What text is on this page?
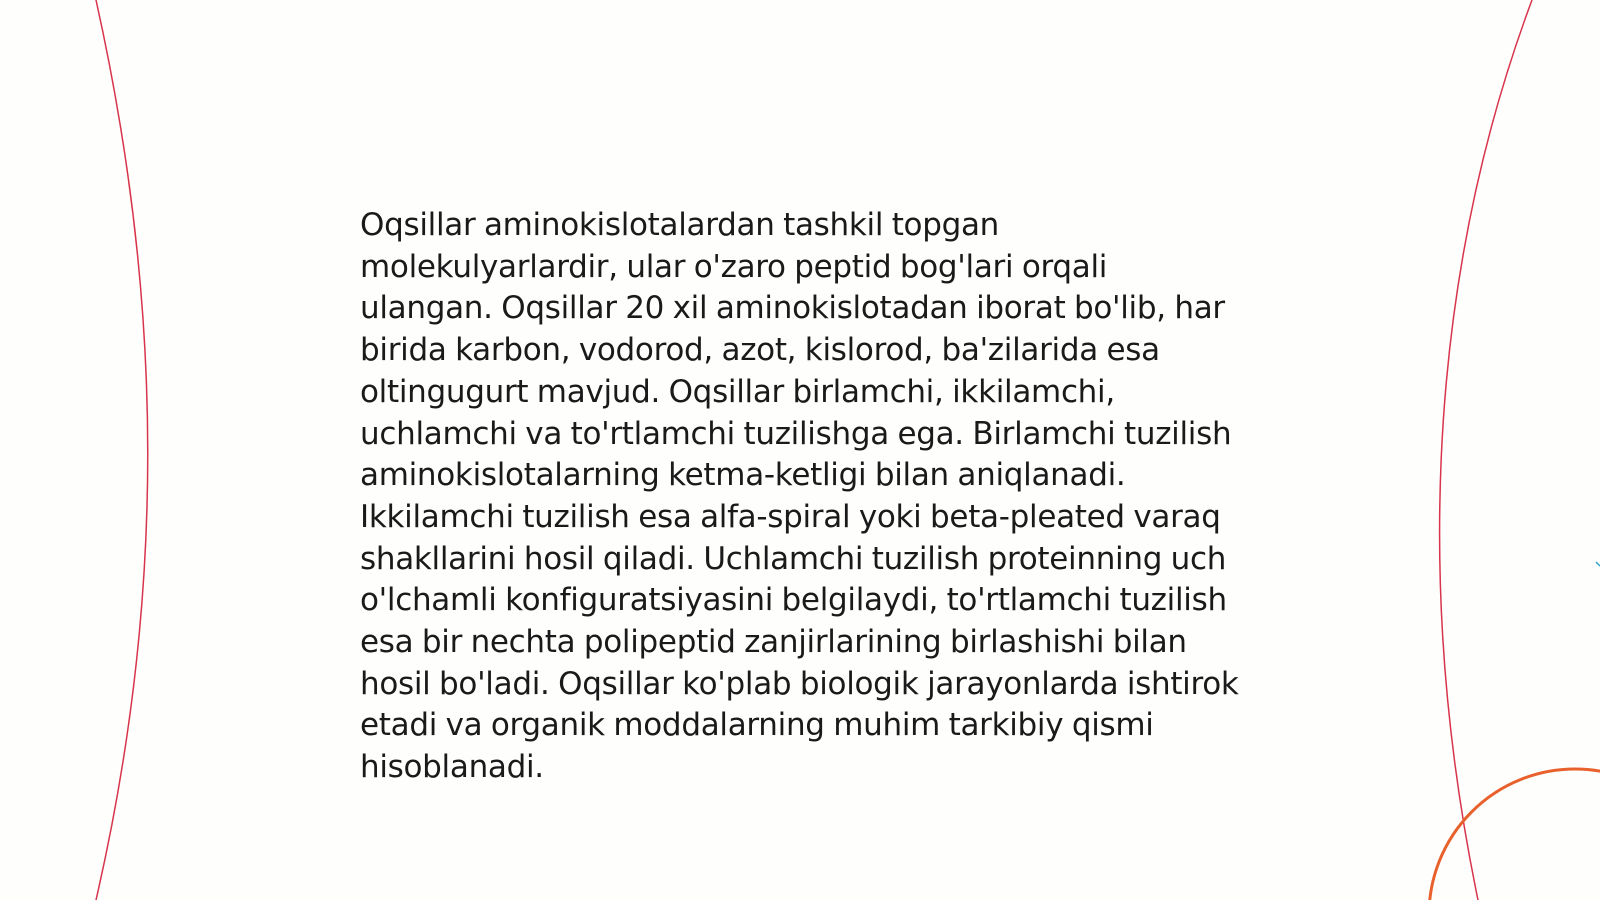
Oqsillar aminokislotalardan tashkil topgan molekulyarlardir, ular o'zaro peptid bog'lari orqali ulangan. Oqsillar 20 xil aminokislotadan iborat bo'lib, har birida karbon, vodorod, azot, kislorod, ba'zilarida esa oltingugurt mavjud. Oqsillar birlamchi, ikkilamchi, uchlamchi va to'rtlamchi tuzilishga ega. Birlamchi tuzilish aminokislotalarning ketma-ketligi bilan aniqlanadi. Ikkilamchi tuzilish esa alfa-spiral yoki beta-pleated varaq shakllarini hosil qiladi. Uchlamchi tuzilish proteinning uch o'lchamli konfiguratsiyasini belgilaydi, to'rtlamchi tuzilish esa bir nechta polipeptid zanjirlarining birlashishi bilan hosil bo'ladi. Oqsillar ko'plab biologik jarayonlarda ishtirok etadi va organik moddalarning muhim tarkibiy qismi hisoblanadi.
